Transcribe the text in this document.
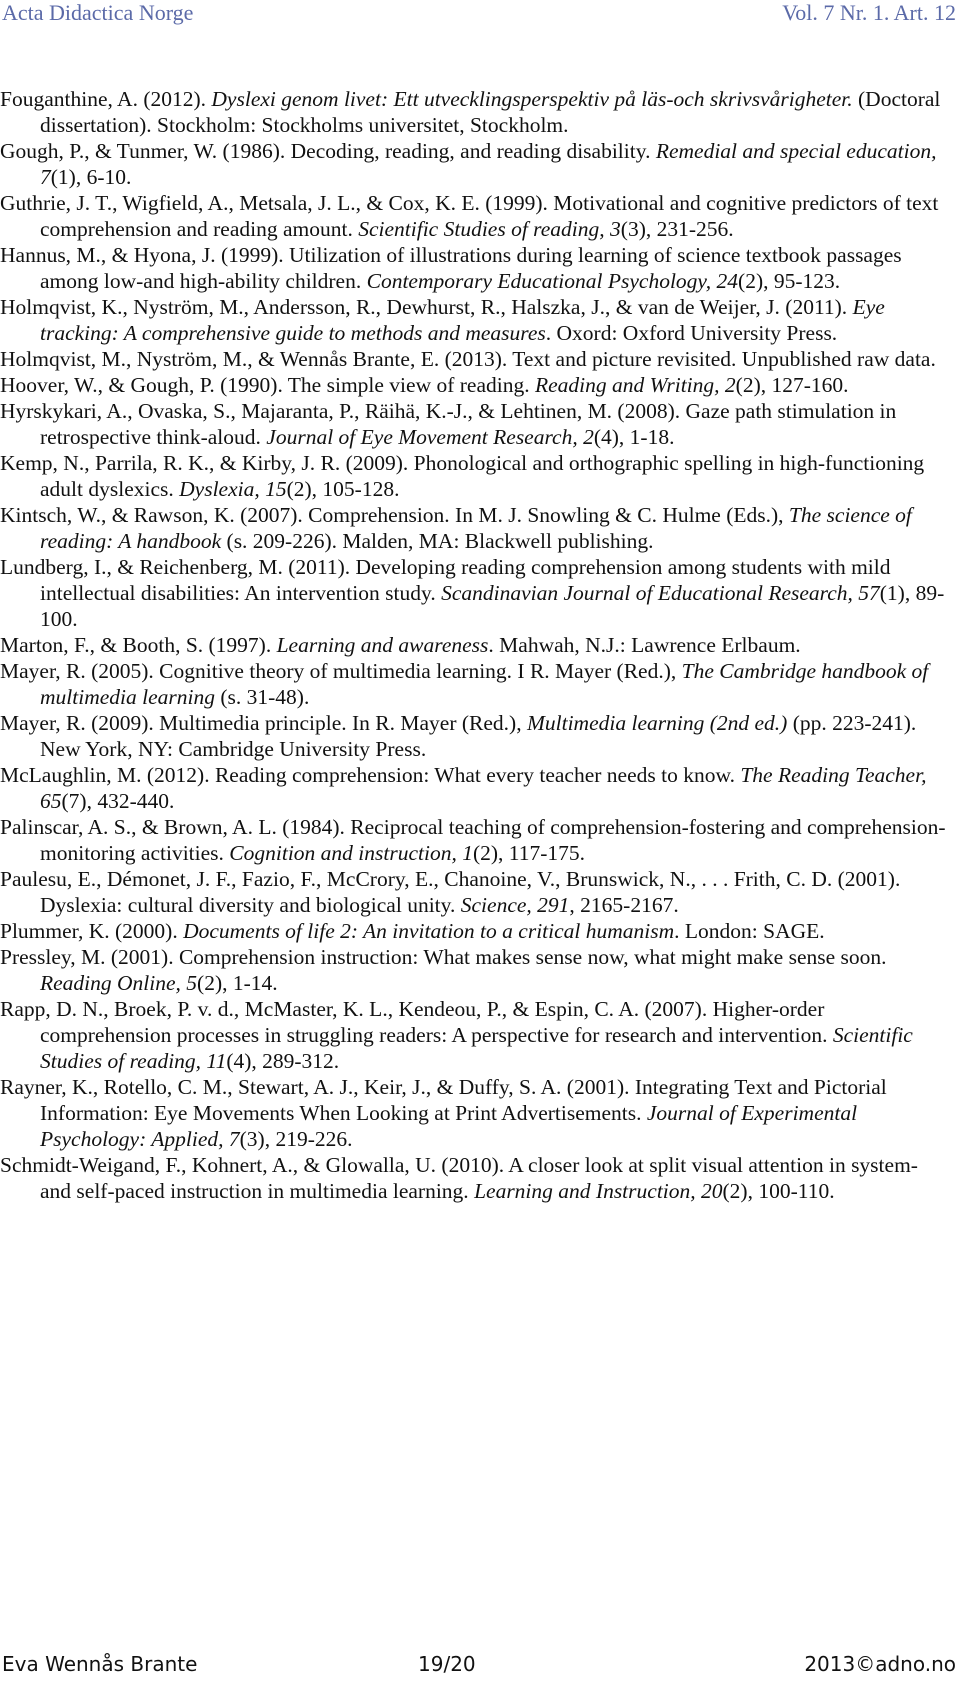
Acta Didactica Norge	Vol. 7 Nr. 1. Art. 12

Fouganthine, A. (2012). Dyslexi genom livet: Ett utvecklingsperspektiv på läs-och skrivsvårigheter. (Doctoral dissertation). Stockholm: Stockholms universitet, Stockholm.

Gough, P., & Tunmer, W. (1986). Decoding, reading, and reading disability. Remedial and special education, 7(1), 6-10.

Guthrie, J. T., Wigfield, A., Metsala, J. L., & Cox, K. E. (1999). Motivational and cognitive predictors of text comprehension and reading amount. Scientific Studies of reading, 3(3), 231-256.

Hannus, M., & Hyona, J. (1999). Utilization of illustrations during learning of science textbook passages among low-and high-ability children. Contemporary Educational Psychology, 24(2), 95-123.

Holmqvist, K., Nyström, M., Andersson, R., Dewhurst, R., Halszka, J., & van de Weijer, J. (2011). Eye tracking: A comprehensive guide to methods and measures. Oxord: Oxford University Press.

Holmqvist, M., Nyström, M., & Wennås Brante, E. (2013). Text and picture revisited. Unpublished raw data.

Hoover, W., & Gough, P. (1990). The simple view of reading. Reading and Writing, 2(2), 127-160.

Hyrskykari, A., Ovaska, S., Majaranta, P., Räihä, K.-J., & Lehtinen, M. (2008). Gaze path stimulation in retrospective think-aloud. Journal of Eye Movement Research, 2(4), 1-18.

Kemp, N., Parrila, R. K., & Kirby, J. R. (2009). Phonological and orthographic spelling in high-functioning adult dyslexics. Dyslexia, 15(2), 105-128.

Kintsch, W., & Rawson, K. (2007). Comprehension. In M. J. Snowling & C. Hulme (Eds.), The science of reading: A handbook (s. 209-226). Malden, MA: Blackwell publishing.

Lundberg, I., & Reichenberg, M. (2011). Developing reading comprehension among students with mild intellectual disabilities: An intervention study. Scandinavian Journal of Educational Research, 57(1), 89-100.

Marton, F., & Booth, S. (1997). Learning and awareness. Mahwah, N.J.: Lawrence Erlbaum.

Mayer, R. (2005). Cognitive theory of multimedia learning. I R. Mayer (Red.), The Cambridge handbook of multimedia learning (s. 31-48).

Mayer, R. (2009). Multimedia principle. In R. Mayer (Red.), Multimedia learning (2nd ed.) (pp. 223-241). New York, NY: Cambridge University Press.

McLaughlin, M. (2012). Reading comprehension: What every teacher needs to know. The Reading Teacher, 65(7), 432-440.

Palinscar, A. S., & Brown, A. L. (1984). Reciprocal teaching of comprehension-fostering and comprehension-monitoring activities. Cognition and instruction, 1(2), 117-175.

Paulesu, E., Démonet, J. F., Fazio, F., McCrory, E., Chanoine, V., Brunswick, N., . . . Frith, C. D. (2001). Dyslexia: cultural diversity and biological unity. Science, 291, 2165-2167.

Plummer, K. (2000). Documents of life 2: An invitation to a critical humanism. London: SAGE.

Pressley, M. (2001). Comprehension instruction: What makes sense now, what might make sense soon. Reading Online, 5(2), 1-14.

Rapp, D. N., Broek, P. v. d., McMaster, K. L., Kendeou, P., & Espin, C. A. (2007). Higher-order comprehension processes in struggling readers: A perspective for research and intervention. Scientific Studies of reading, 11(4), 289-312.

Rayner, K., Rotello, C. M., Stewart, A. J., Keir, J., & Duffy, S. A. (2001). Integrating Text and Pictorial Information: Eye Movements When Looking at Print Advertisements. Journal of Experimental Psychology: Applied, 7(3), 219-226.

Schmidt-Weigand, F., Kohnert, A., & Glowalla, U. (2010). A closer look at split visual attention in system-and self-paced instruction in multimedia learning. Learning and Instruction, 20(2), 100-110.

Eva Wennås Brante	19/20	2013©adno.no
